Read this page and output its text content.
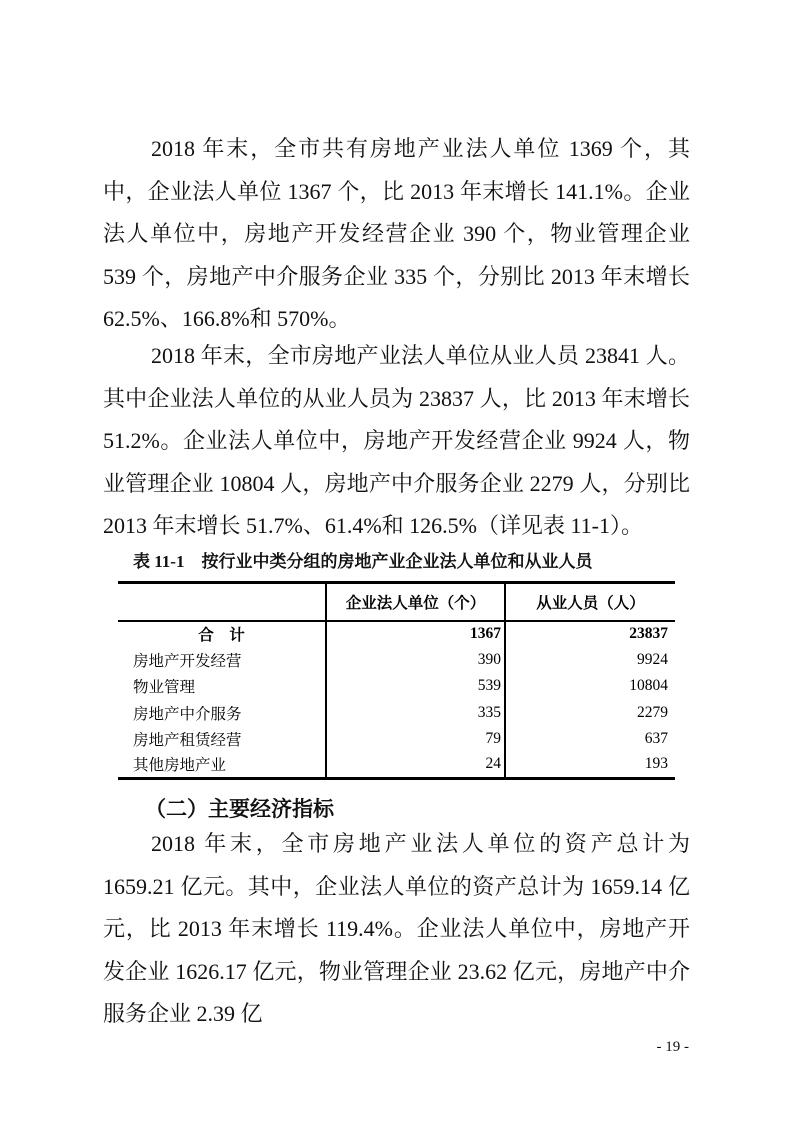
2018 年末，全市共有房地产业法人单位 1369 个，其中，企业法人单位 1367 个，比 2013 年末增长 141.1%。企业法人单位中，房地产开发经营企业 390 个，物业管理企业 539 个，房地产中介服务企业 335 个，分别比 2013 年末增长 62.5%、166.8%和 570%。

2018 年末，全市房地产业法人单位从业人员 23841 人。其中企业法人单位的从业人员为 23837 人，比 2013 年末增长 51.2%。企业法人单位中，房地产开发经营企业 9924 人，物业管理企业 10804 人，房地产中介服务企业 2279 人，分别比 2013 年末增长 51.7%、61.4%和 126.5%（详见表 11-1）。

表 11-1　按行业中类分组的房地产业企业法人单位和从业人员

	企业法人单位（个）	从业人员（人）
合　计	1367	23837
房地产开发经营	390	9924
物业管理	539	10804
房地产中介服务	335	2279
房地产租赁经营	79	637
其他房地产业	24	193
（二）主要经济指标

2018 年末，全市房地产业法人单位的资产总计为 1659.21 亿元。其中，企业法人单位的资产总计为 1659.14 亿元，比 2013 年末增长 119.4%。企业法人单位中，房地产开发企业 1626.17 亿元，物业管理企业 23.62 亿元，房地产中介服务企业 2.39 亿

- 19 -
